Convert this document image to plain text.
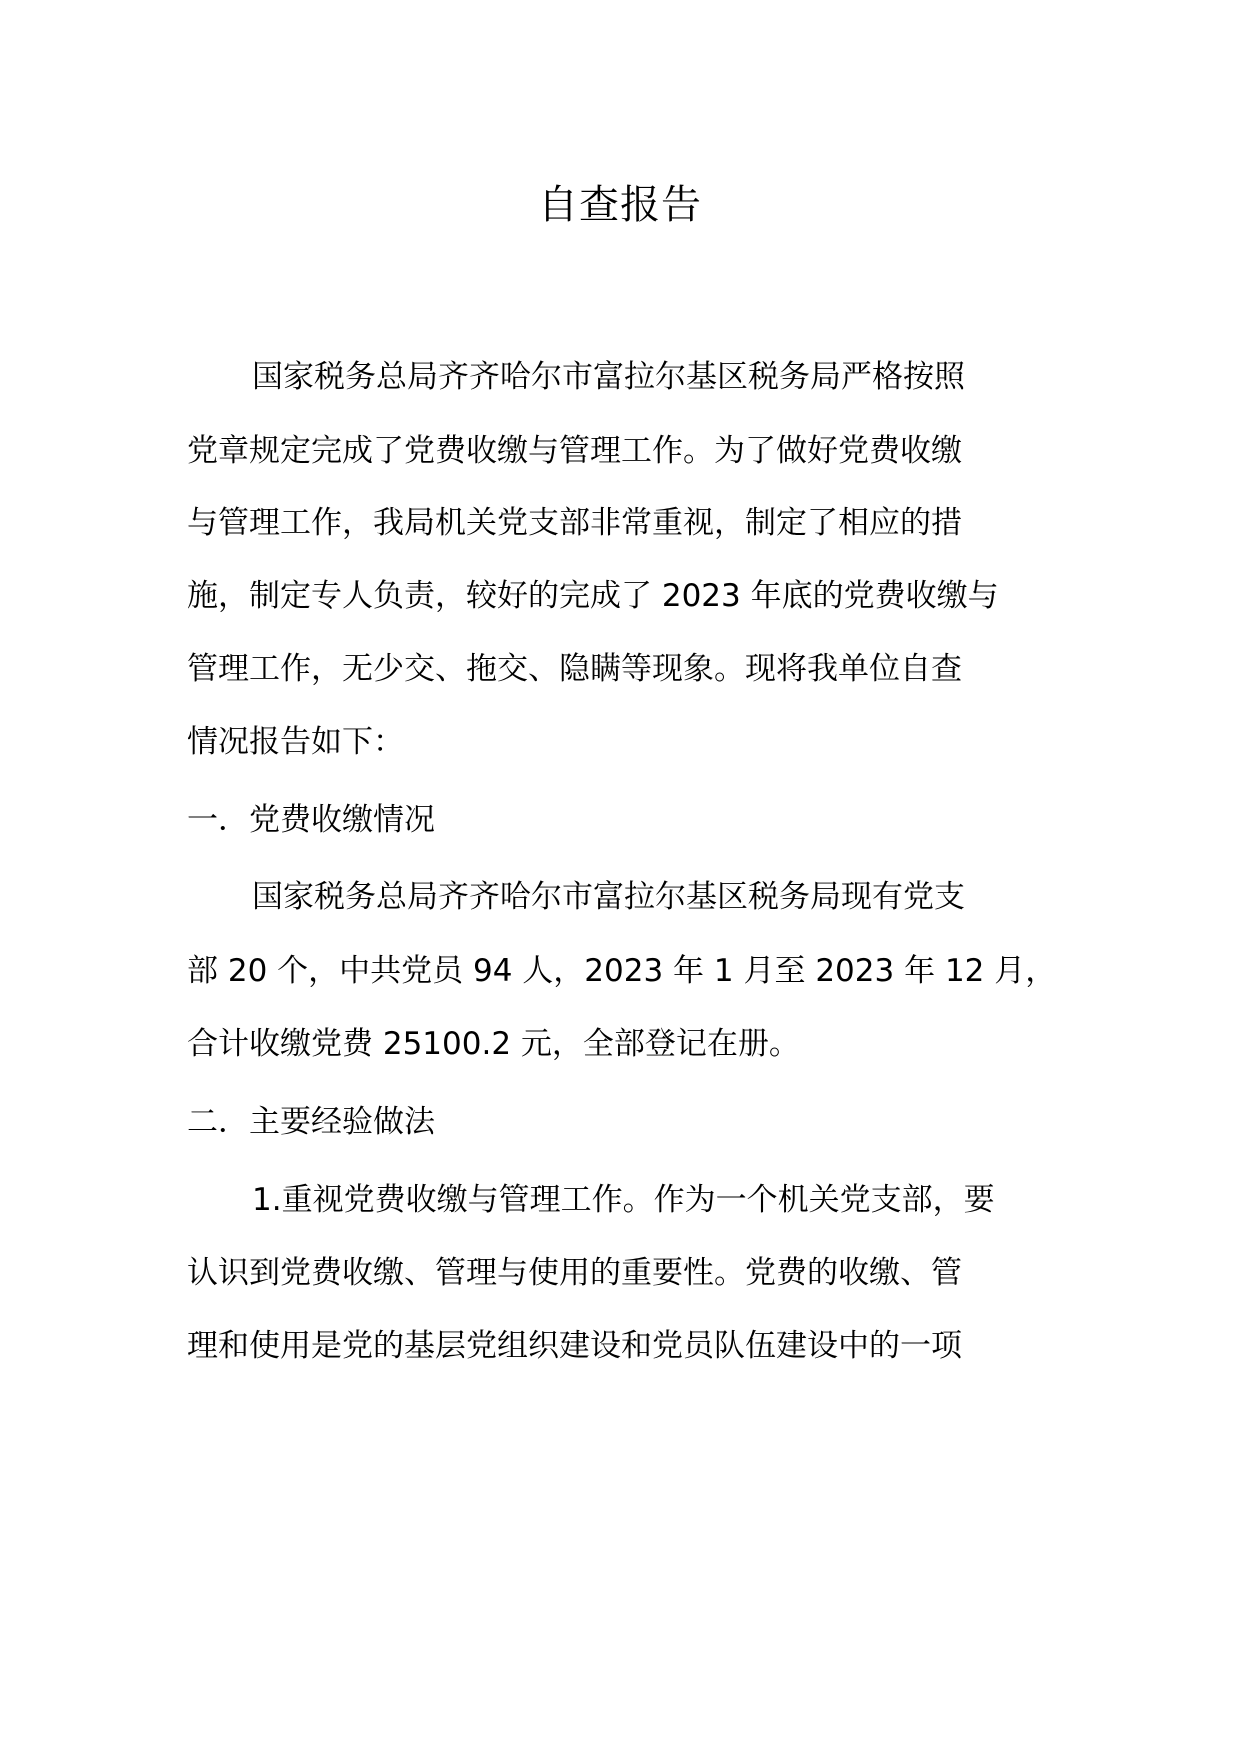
自查报告

国家税务总局齐齐哈尔市富拉尔基区税务局严格按照

党章规定完成了党费收缴与管理工作。为了做好党费收缴

与管理工作，我局机关党支部非常重视，制定了相应的措

施，制定专人负责，较好的完成了 2023 年底的党费收缴与

管理工作，无少交、拖交、隐瞒等现象。现将我单位自查

情况报告如下：

一．党费收缴情况

国家税务总局齐齐哈尔市富拉尔基区税务局现有党支

部 20 个，中共党员 94 人，2023 年 1 月至 2023 年 12 月，

合计收缴党费 25100.2 元，全部登记在册。

二．主要经验做法

1.重视党费收缴与管理工作。作为一个机关党支部，要

认识到党费收缴、管理与使用的重要性。党费的收缴、管

理和使用是党的基层党组织建设和党员队伍建设中的一项
